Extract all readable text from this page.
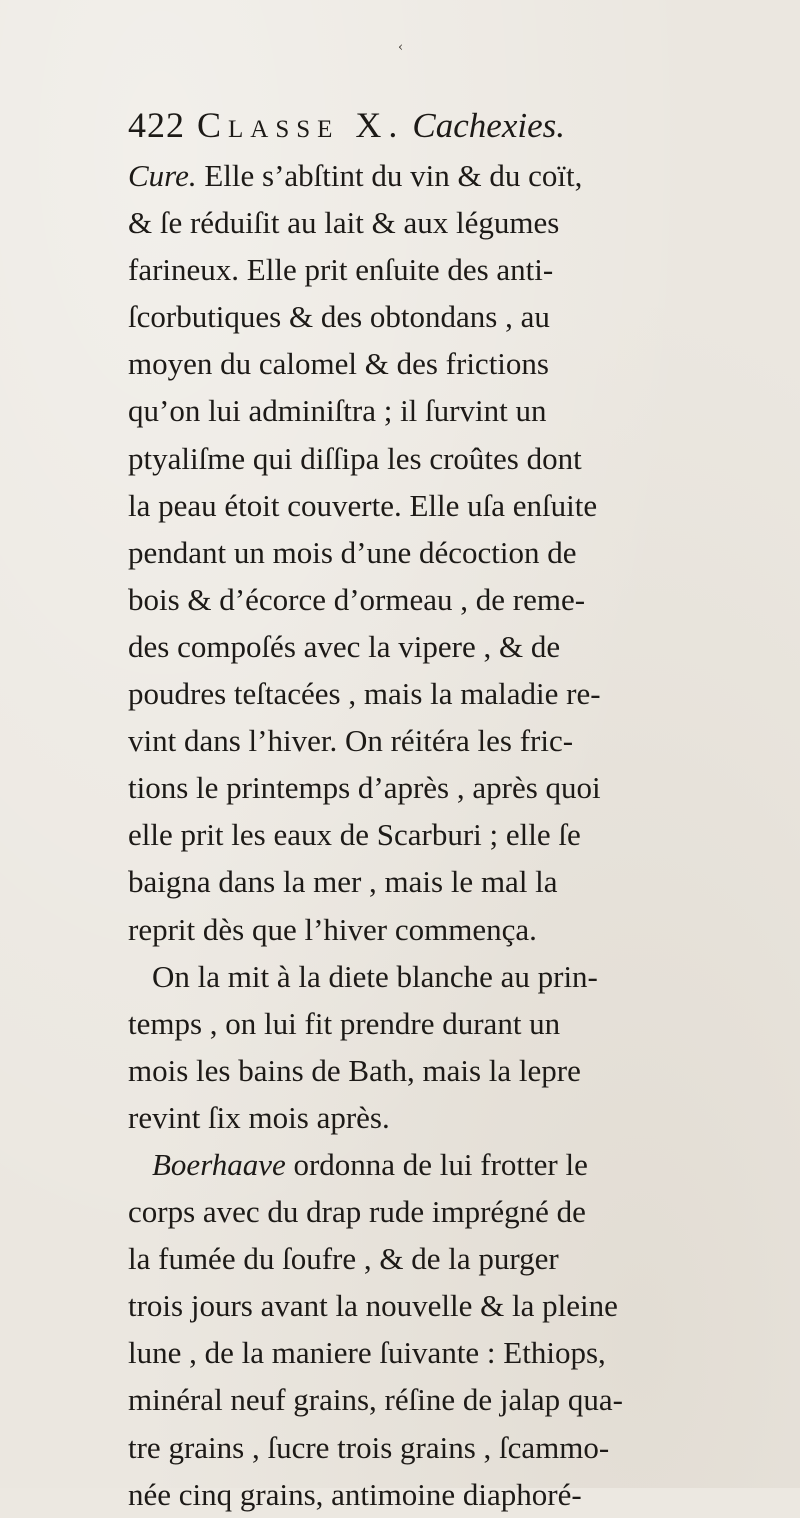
‹
422 Classe X. Cachexies.
Cure. Elle s’abſtint du vin & du coït,
& ſe réduiſit au lait & aux légumes
farineux. Elle prit enſuite des anti-
ſcorbutiques & des obtondans , au
moyen du calomel & des frictions
qu’on lui adminiſtra ; il ſurvint un
ptyaliſme qui diſſipa les croûtes dont
la peau étoit couverte. Elle uſa enſuite
pendant un mois d’une décoction de
bois & d’écorce d’ormeau , de reme-
des compoſés avec la vipere , & de
poudres teſtacées , mais la maladie re-
vint dans l’hiver. On réitéra les fric-
tions le printemps d’après , après quoi
elle prit les eaux de Scarburi ; elle ſe
baigna dans la mer , mais le mal la
reprit dès que l’hiver commença.
On la mit à la diete blanche au prin-
temps , on lui fit prendre durant un
mois les bains de Bath, mais la lepre
revint ſix mois après.
Boerhaave ordonna de lui frotter le
corps avec du drap rude imprégné de
la fumée du ſoufre , & de la purger
trois jours avant la nouvelle & la pleine
lune , de la maniere ſuivante : Ethiops,
minéral neuf grains, réſine de jalap qua-
tre grains , ſucre trois grains , ſcammo-
née cinq grains, antimoine diaphoré-
